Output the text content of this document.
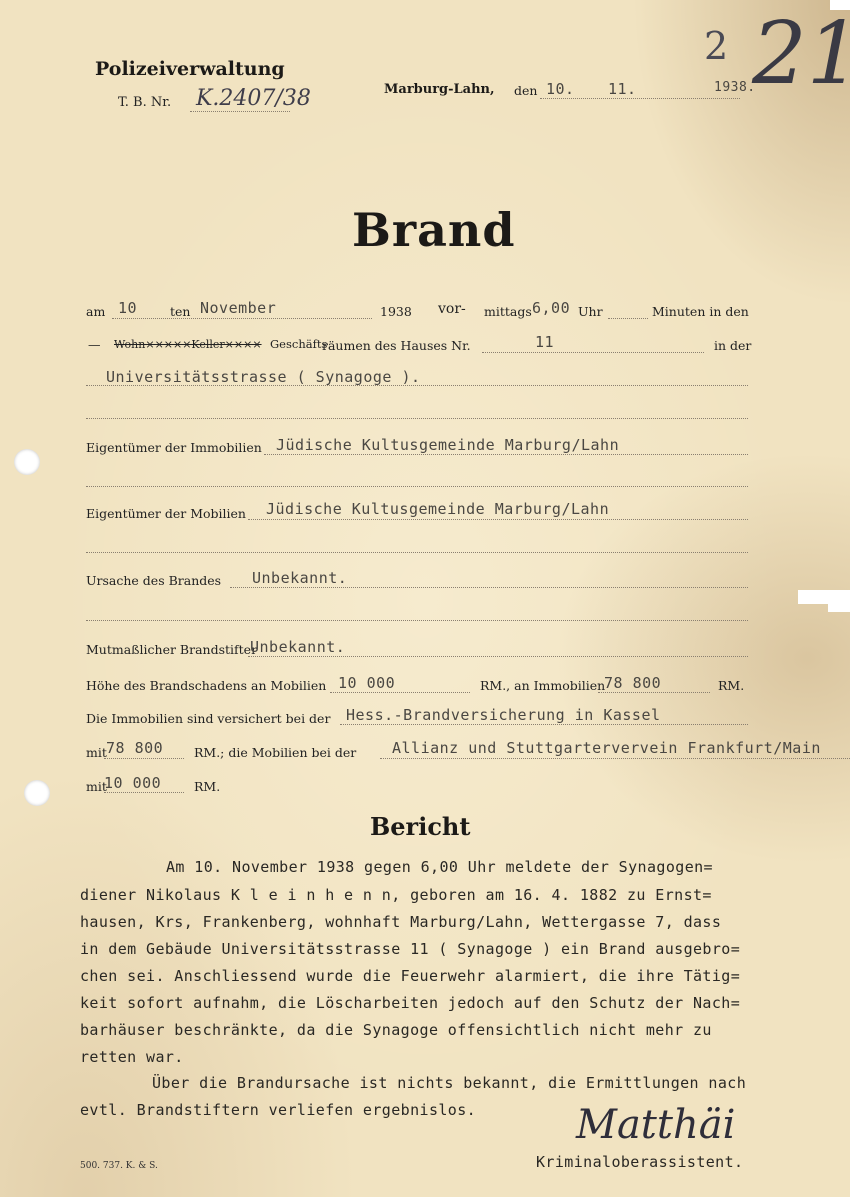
Polizeiverwaltung
T. B. Nr. K.2407/38	Marburg-Lahn, den 10. 11.	1938.
2 21
Brand
am 10	ten November	1938 vor- mittags 6,00 Uhr	Minuten in den
— Wohn×××××Keller×××× Geschäfts
räumen des Hauses Nr.	11	in der
Universitätsstrasse ( Synagoge ).
Eigentümer der Immobilien Jüdische Kultusgemeinde Marburg/Lahn
Eigentümer der Mobilien Jüdische Kultusgemeinde Marburg/Lahn
Ursache des Brandes Unbekannt.
Mutmaßlicher Brandstifter
Unbekannt.
Höhe des Brandschadens an Mobilien 10 000	RM., an Immobilien
78 800	RM.
Die Immobilien sind versichert bei der Hess.-Brandversicherung in Kassel
mit 78 800 RM.; die Mobilien bei der Allianz und Stuttgartervervein Frankfurt/Main
mit
10 000	RM.
Bericht
Am 10. November 1938 gegen 6,00 Uhr meldete der Synagogen=
diener Nikolaus K l e i n h e n n, geboren am 16. 4. 1882 zu Ernst=
hausen, Krs, Frankenberg, wohnhaft Marburg/Lahn, Wettergasse 7, dass
in dem Gebäude Universitätsstrasse 11 ( Synagoge ) ein Brand ausgebro=
chen sei. Anschliessend wurde die Feuerwehr alarmiert, die ihre Tätig=
keit sofort aufnahm, die Löscharbeiten jedoch auf den Schutz der Nach=
barhäuser beschränkte, da die Synagoge offensichtlich nicht mehr zu
retten war.
Über die Brandursache ist nichts bekannt, die Ermittlungen nach
evtl. Brandstiftern verliefen ergebnislos. Matthäi
Kriminaloberassistent.
500. 737. K. & S.
